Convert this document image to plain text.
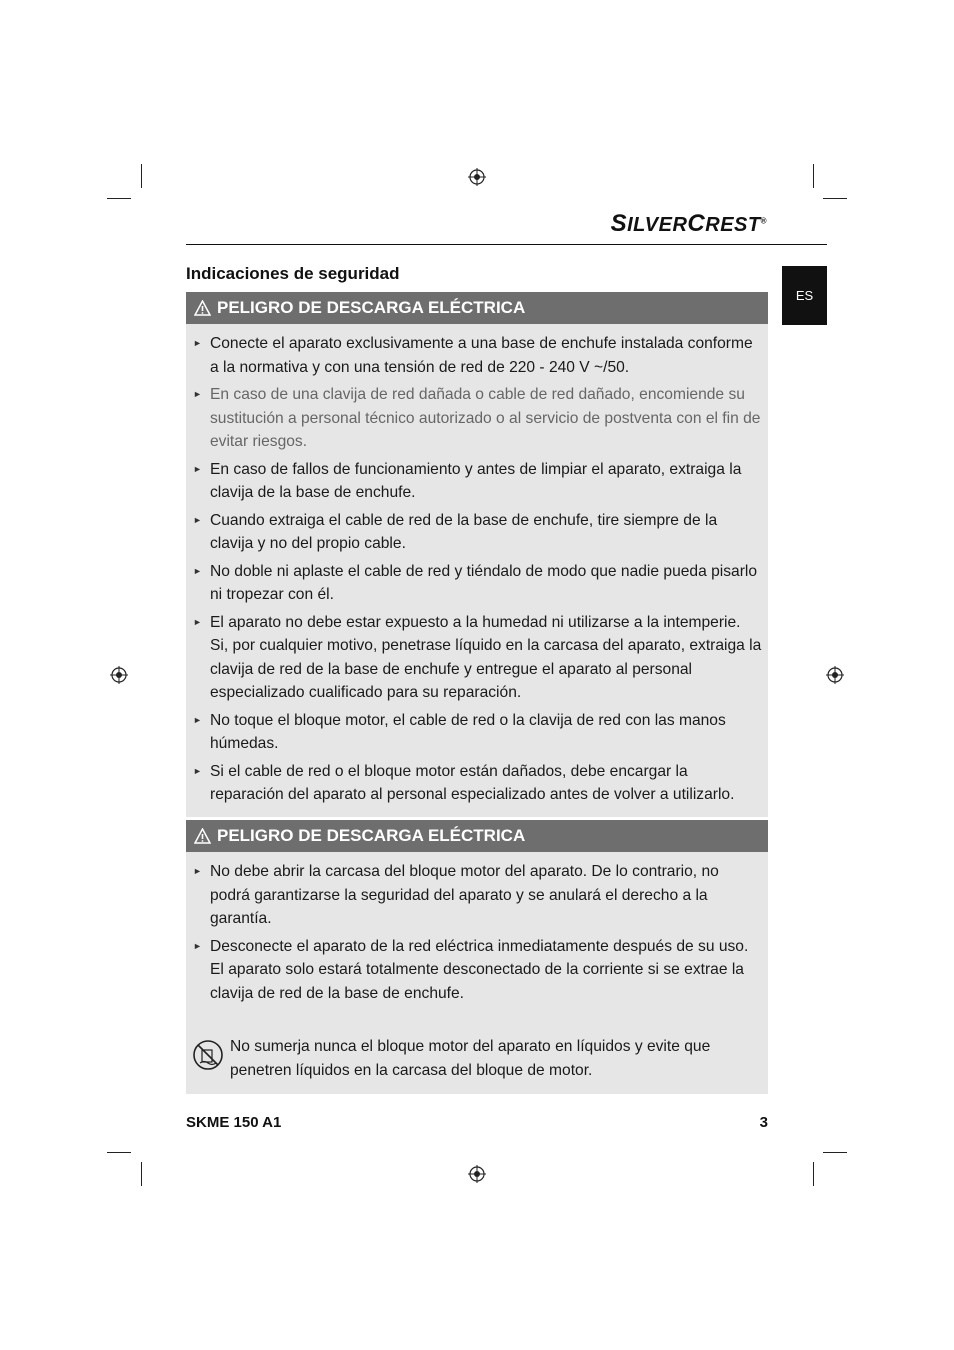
SILVERCREST®
ES
Indicaciones de seguridad
PELIGRO DE DESCARGA ELÉCTRICA
► Conecte el aparato exclusivamente a una base de enchufe instalada conforme a la normativa y con una tensión de red de 220 - 240 V ~/50.
► En caso de una clavija de red dañada o cable de red dañado, encomiende su sustitución a personal técnico autorizado o al servicio de postventa con el fin de evitar riesgos.
► En caso de fallos de funcionamiento y antes de limpiar el aparato, extraiga la clavija de la base de enchufe.
► Cuando extraiga el cable de red de la base de enchufe, tire siempre de la clavija y no del propio cable.
► No doble ni aplaste el cable de red y tiéndalo de modo que nadie pueda pisarlo ni tropezar con él.
► El aparato no debe estar expuesto a la humedad ni utilizarse a la intemperie. Si, por cualquier motivo, penetrase líquido en la carcasa del aparato, extraiga la clavija de red de la base de enchufe y entregue el aparato al personal especializado cualificado para su reparación.
► No toque el bloque motor, el cable de red o la clavija de red con las manos húmedas.
► Si el cable de red o el bloque motor están dañados, debe encargar la reparación del aparato al personal especializado antes de volver a utilizarlo.
PELIGRO DE DESCARGA ELÉCTRICA
► No debe abrir la carcasa del bloque motor del aparato. De lo contrario, no podrá garantizarse la seguridad del aparato y se anulará el derecho a la garantía.
► Desconecte el aparato de la red eléctrica inmediatamente después de su uso. El aparato solo estará totalmente desconectado de la corriente si se extrae la clavija de red de la base de enchufe.
No sumerja nunca el bloque motor del aparato en líquidos y evite que penetren líquidos en la carcasa del bloque de motor.
SKME 150 A1	3
